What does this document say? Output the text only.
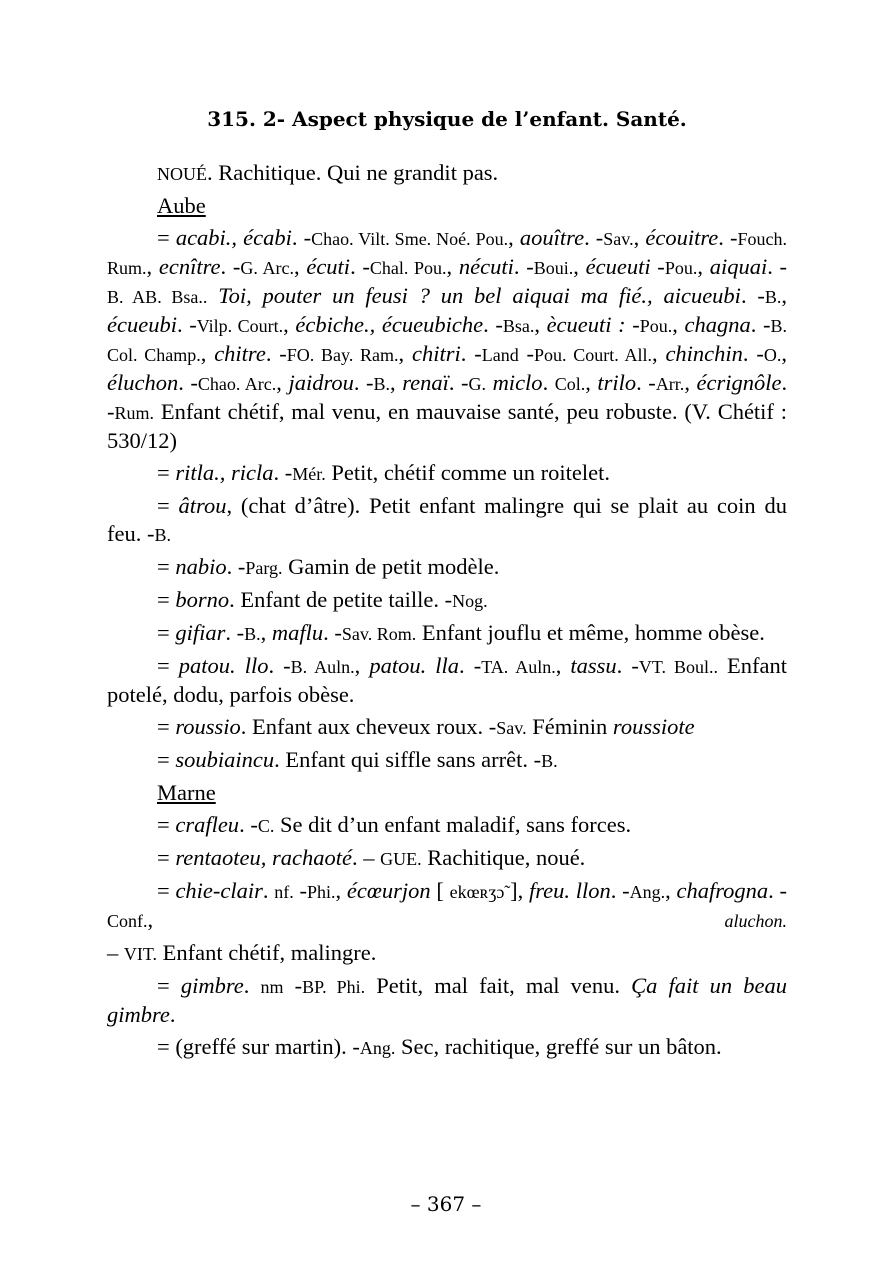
315. 2- Aspect physique de l’enfant. Santé.

NOUÉ. Rachitique. Qui ne grandit pas.

Aube

= acabi., écabi. -Chao. Vilt. Sme. Noé. Pou., aouître. -Sav., écouitre. -Fouch. Rum., ecnître. -G. Arc., écuti. -Chal. Pou., nécuti. -Boui., écueuti -Pou., aiquai. -B. AB. Bsa.. Toi, pouter un feusi ? un bel aiquai ma fié., aicueubi. -B., écueubi. -Vilp. Court., écbiche., écueubiche. -Bsa., ècueuti : -Pou., chagna. -B. Col. Champ., chitre. -FO. Bay. Ram., chitri. -Land -Pou. Court. All., chinchin. -O., éluchon. -Chao. Arc., jaidrou. -B., renaï. -G. miclo. Col., trilo. -Arr., écrignôle. -Rum. Enfant chétif, mal venu, en mauvaise santé, peu robuste. (V. Chétif : 530/12)

= ritla., ricla. -Mér. Petit, chétif comme un roitelet.

= âtrou, (chat d’âtre). Petit enfant malingre qui se plait au coin du feu. -B.

= nabio. -Parg. Gamin de petit modèle.

= borno. Enfant de petite taille. -Nog.

= gifiar. -B., maflu. -Sav. Rom. Enfant jouflu et même, homme obèse.

= patou. llo. -B. Auln., patou. lla. -TA. Auln., tassu. -VT. Boul.. Enfant potelé, dodu, parfois obèse.

= roussio. Enfant aux cheveux roux. -Sav. Féminin roussiote

= soubiaincu. Enfant qui siffle sans arrêt. -B.

Marne

= crafleu. -C. Se dit d’un enfant maladif, sans forces.

= rentaoteu, rachaoté. – GUE. Rachitique, noué.

= chie-clair. nf. -Phi., écœurjon [ ekœʀʒɔ̃ ], freu. llon. -Ang., chafrogna. -Conf., aluchon.

– VIT. Enfant chétif, malingre.

= gimbre. nm -BP. Phi. Petit, mal fait, mal venu. Ça fait un beau gimbre.

= (greffé sur martin). -Ang. Sec, rachitique, greffé sur un bâton.

– 367 –
